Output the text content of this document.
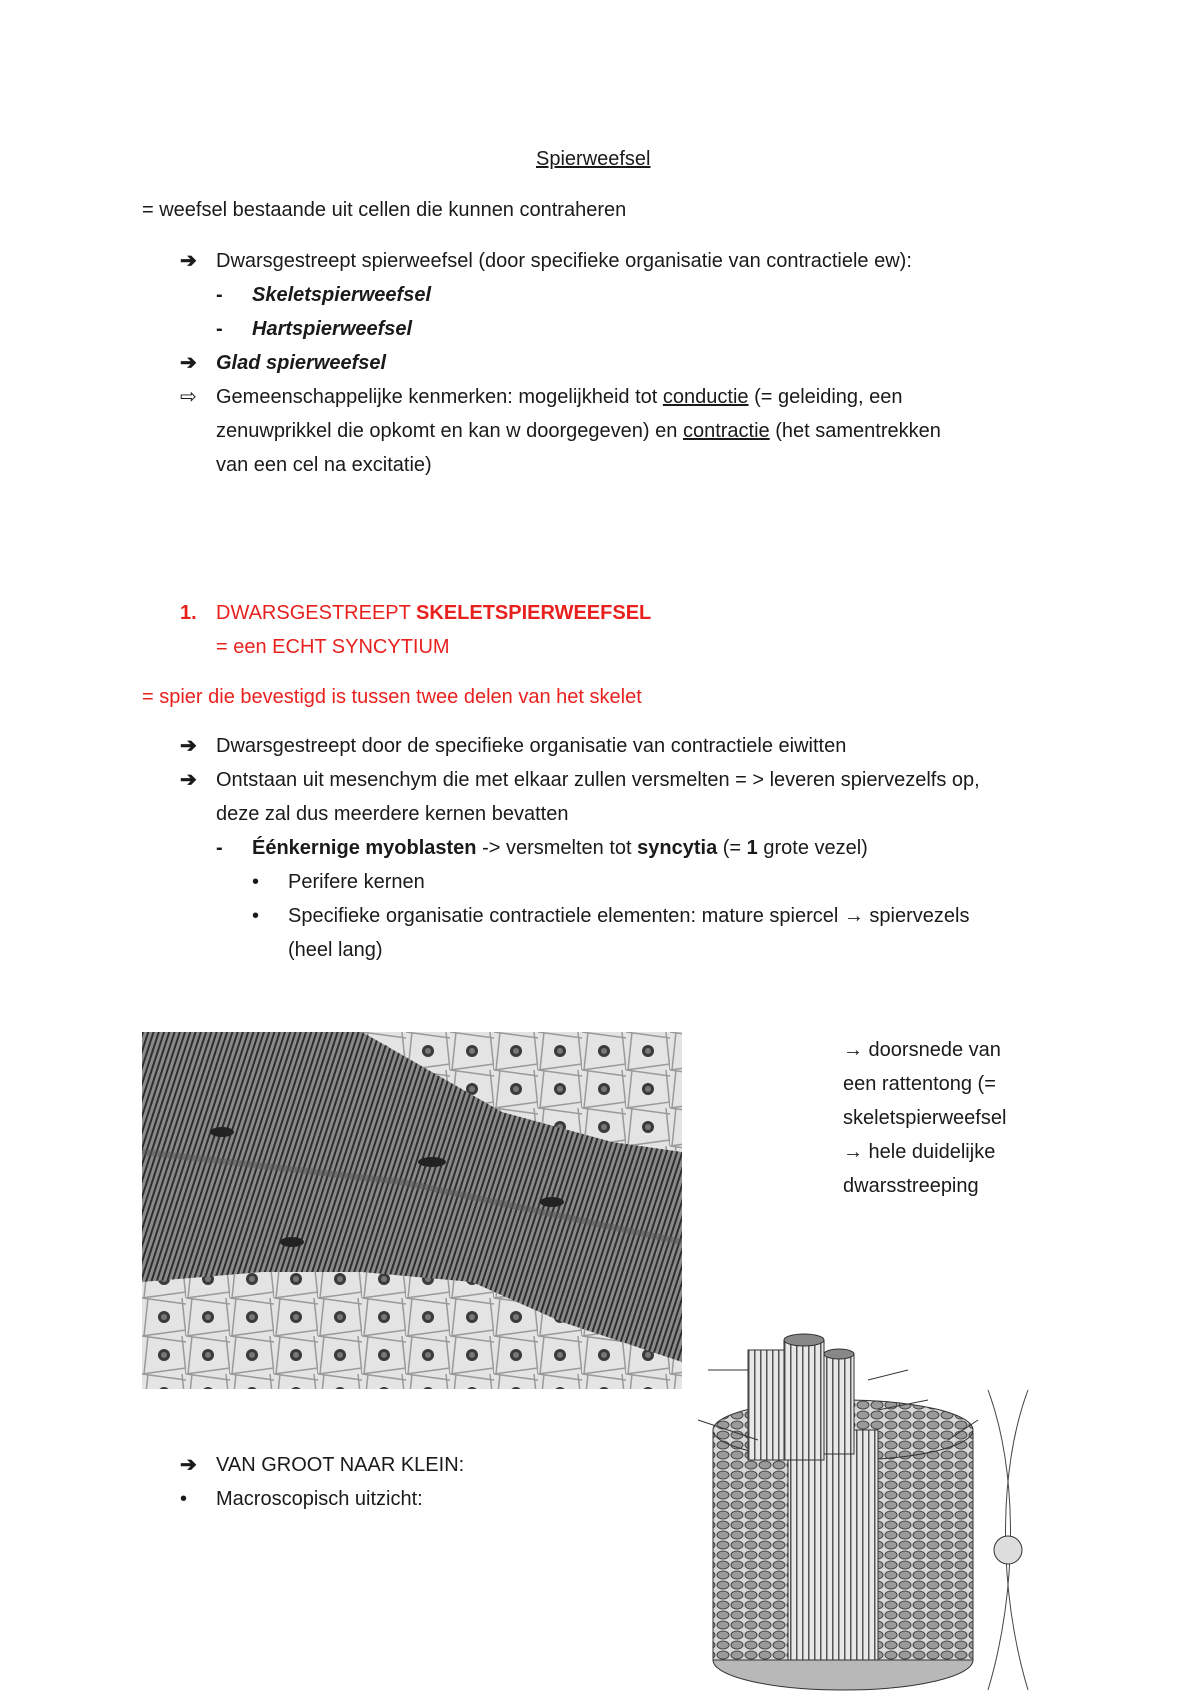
Spierweefsel
= weefsel bestaande uit cellen die kunnen contraheren
➔ Dwarsgestreept spierweefsel (door specifieke organisatie van contractiele ew):
- Skeletspierweefsel
- Hartspierweefsel
➔ Glad spierweefsel
⇨ Gemeenschappelijke kenmerken: mogelijkheid tot conductie (= geleiding, een
zenuwprikkel die opkomt en kan w doorgegeven) en contractie (het samentrekken
van een cel na excitatie)
1. DWARSGESTREEPT SKELETSPIERWEEFSEL
= een ECHT SYNCYTIUM
= spier die bevestigd is tussen twee delen van het skelet
➔ Dwarsgestreept door de specifieke organisatie van contractiele eiwitten
➔ Ontstaan uit mesenchym die met elkaar zullen versmelten = > leveren spiervezelfs op,
deze zal dus meerdere kernen bevatten
- Éénkernige myoblasten -> versmelten tot syncytia (= 1 grote vezel)
• Perifere kernen
• Specifieke organisatie contractiele elementen: mature spiercel → spiervezels
(heel lang)
→ doorsnede van
een rattentong (=
skeletspierweefsel
→ hele duidelijke
dwarsstreeping
➔ VAN GROOT NAAR KLEIN:
• Macroscopisch uitzicht:
